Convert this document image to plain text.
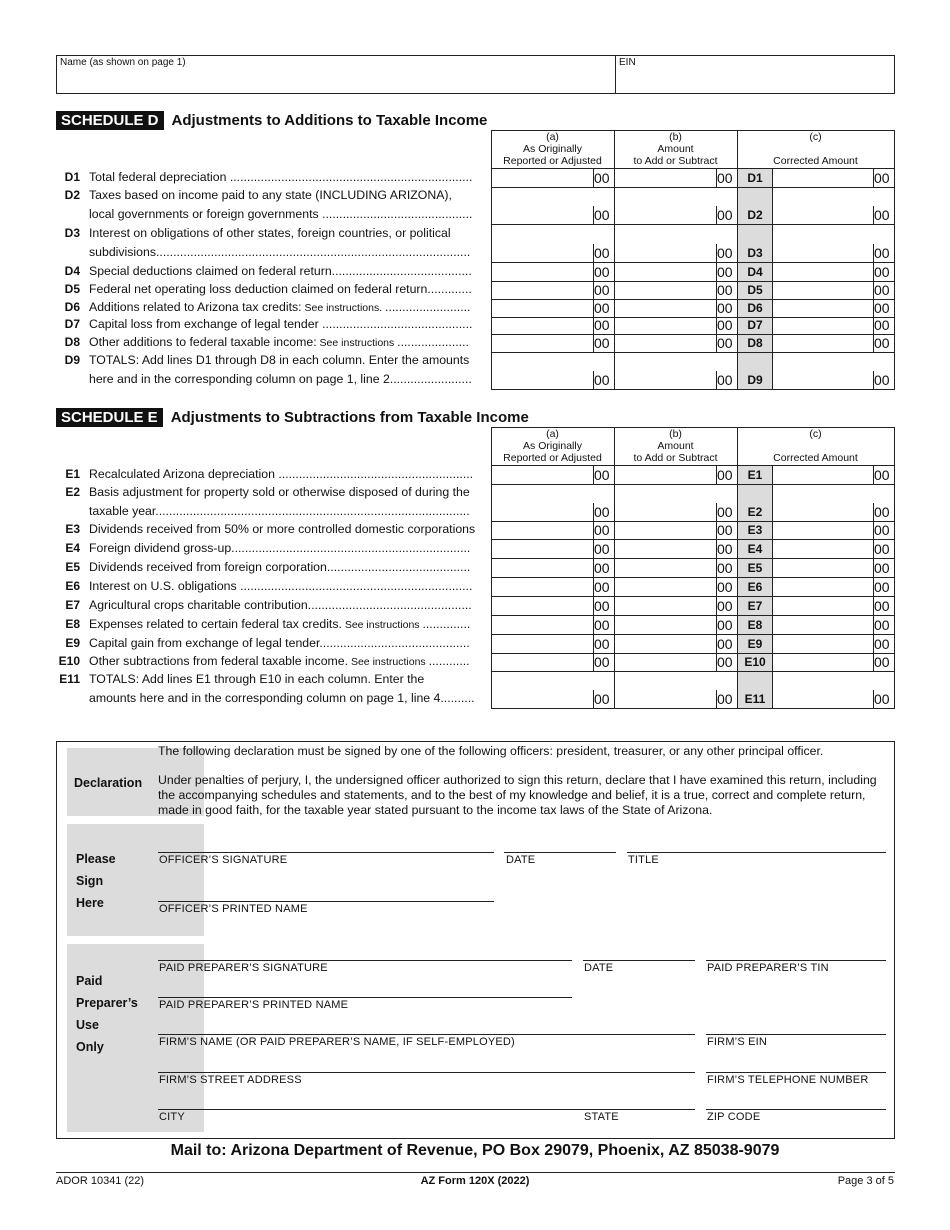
Name (as shown on page 1)	EIN
SCHEDULE D Adjustments to Additions to Taxable Income
(a)
As Originally
Reported or Adjusted
(b)
Amount
to Add or Subtract
(c)
Corrected Amount
D1 Total federal depreciation .......................................................................	00	00	00
D1
D2 Taxes based on income paid to any state (INCLUDING ARIZONA),
local governments or foreign governments ............................................	00	00	00
D2
D3 Interest on obligations of other states, foreign countries, or political
subdivisions............................................................................................	00	00	00
D3
D4 Special deductions claimed on federal return.........................................	00	00	00
D4
D5 Federal net operating loss deduction claimed on federal return.............	00	00	00
D5
D6 Additions related to Arizona tax credits: See instructions. .........................	00	00	00
D6
D7 Capital loss from exchange of legal tender ............................................	00	00	00
D7
D8 Other additions to federal taxable income: See instructions .....................	00	00	00
D8
D9 TOTALS: Add lines D1 through D8 in each column. Enter the amounts
here and in the corresponding column on page 1, line 2........................	00	00	00
D9
SCHEDULE E Adjustments to Subtractions from Taxable Income
(a)
As Originally
Reported or Adjusted
(b)
Amount
to Add or Subtract
(c)
Corrected Amount
E1 Recalculated Arizona depreciation .........................................................	00	00	00
E1
E2 Basis adjustment for property sold or otherwise disposed of during the
taxable year............................................................................................	00	00	00
E2
E3 Dividends received from 50% or more controlled domestic corporations	00	00	00
E3
E4 Foreign dividend gross-up......................................................................	00	00	00
E4
E5 Dividends received from foreign corporation..........................................	00	00	00
E5
E6 Interest on U.S. obligations ....................................................................	00	00	00
E6
E7 Agricultural crops charitable contribution................................................	00	00	00
E7
E8 Expenses related to certain federal tax credits. See instructions ..............	00	00	00
E8
E9 Capital gain from exchange of legal tender............................................	00	00	00
E9
E10 Other subtractions from federal taxable income. See instructions ............	00	00	00
E10
E11 TOTALS: Add lines E1 through E10 in each column. Enter the
amounts here and in the corresponding column on page 1, line 4..........	00	00	00
E11
Declaration
The following declaration must be signed by one of the following officers: president, treasurer, or any other principal officer.
Under penalties of perjury, I, the undersigned officer authorized to sign this return, declare that I have examined this return, including the accompanying schedules and statements, and to the best of my knowledge and belief, it is a true, correct and complete return, made in good faith, for the taxable year stated pursuant to the income tax laws of the State of Arizona.
Please
Sign
Here
OFFICER’S SIGNATURE	DATE	TITLE
OFFICER’S PRINTED NAME
Paid
Preparer’s
Use
Only
PAID PREPARER’S SIGNATURE	DATE	PAID PREPARER’S TIN
PAID PREPARER’S PRINTED NAME
FIRM’S NAME (OR PAID PREPARER’S NAME, IF SELF-EMPLOYED)	FIRM’S EIN
FIRM’S STREET ADDRESS	FIRM’S TELEPHONE NUMBER
CITY	STATE	ZIP CODE
Mail to: Arizona Department of Revenue, PO Box 29079, Phoenix, AZ 85038-9079
ADOR 10341 (22)	AZ Form 120X (2022)	Page 3 of 5
